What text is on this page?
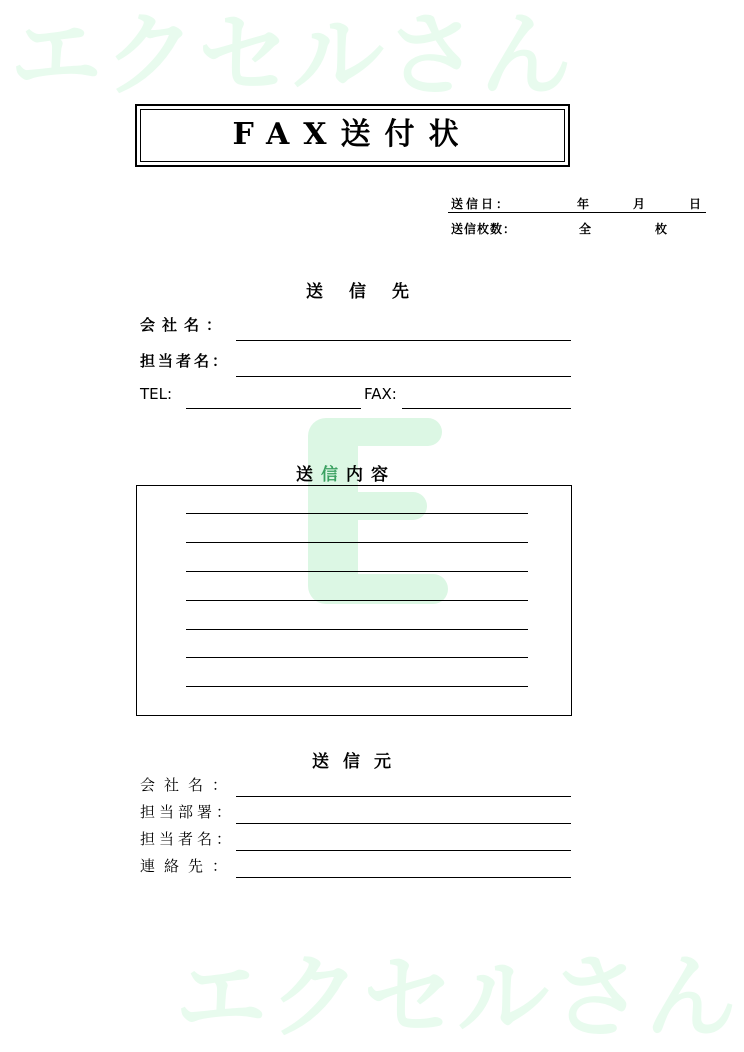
エクセルさん
エクセルさん
FAX送付状
送信日：	年	月	日
送信枚数：	全	枚
送信先
会社名：
担当者名：
TEL:	FAX:
送信内容
送信元
会社名：
担当部署：
担当者名：
連絡先：
